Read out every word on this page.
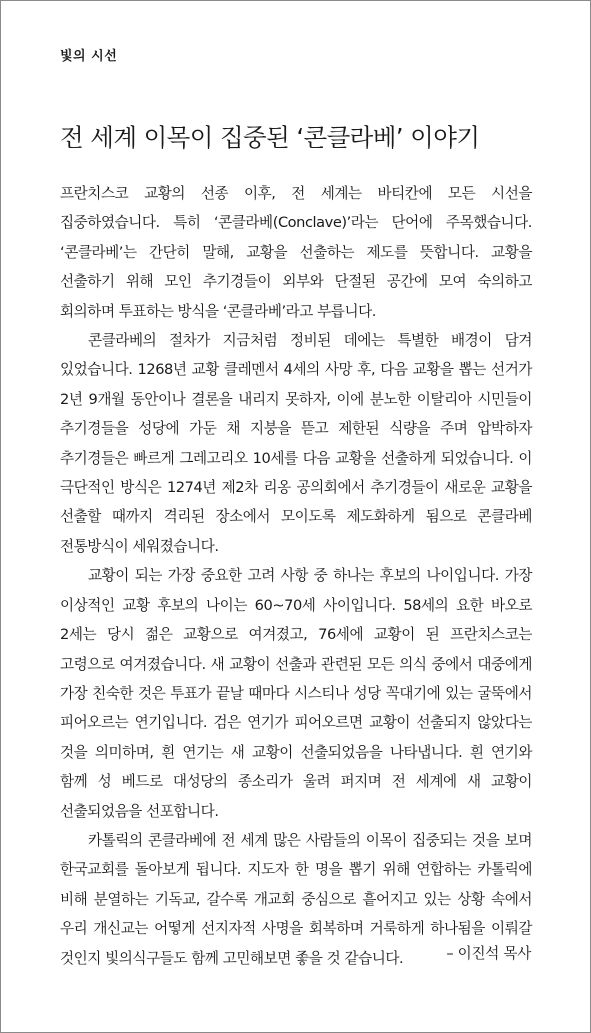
빛의 시선
전 세계 이목이 집중된 ‘콘클라베’ 이야기

프란치스코 교황의 선종 이후, 전 세계는 바티칸에 모든 시선을 집중하였습니다. 특히 ‘콘클라베(Conclave)’라는 단어에 주목했습니다. ‘콘클라베’는 간단히 말해, 교황을 선출하는 제도를 뜻합니다. 교황을 선출하기 위해 모인 추기경들이 외부와 단절된 공간에 모여 숙의하고 회의하며 투표하는 방식을 ‘콘클라베’라고 부릅니다.

콘클라베의 절차가 지금처럼 정비된 데에는 특별한 배경이 담겨 있었습니다. 1268년 교황 클레멘서 4세의 사망 후, 다음 교황을 뽑는 선거가 2년 9개월 동안이나 결론을 내리지 못하자, 이에 분노한 이탈리아 시민들이 추기경들을 성당에 가둔 채 지붕을 뜯고 제한된 식량을 주며 압박하자 추기경들은 빠르게 그레고리오 10세를 다음 교황을 선출하게 되었습니다. 이 극단적인 방식은 1274년 제2차 리옹 공의회에서 추기경들이 새로운 교황을 선출할 때까지 격리된 장소에서 모이도록 제도화하게 됨으로 콘클라베 전통방식이 세워졌습니다.

교황이 되는 가장 중요한 고려 사항 중 하나는 후보의 나이입니다. 가장 이상적인 교황 후보의 나이는 60~70세 사이입니다. 58세의 요한 바오로 2세는 당시 젊은 교황으로 여겨졌고, 76세에 교황이 된 프란치스코는 고령으로 여겨졌습니다. 새 교황이 선출과 관련된 모든 의식 중에서 대중에게 가장 친숙한 것은 투표가 끝날 때마다 시스티나 성당 꼭대기에 있는 굴뚝에서 피어오르는 연기입니다. 검은 연기가 피어오르면 교황이 선출되지 않았다는 것을 의미하며, 흰 연기는 새 교황이 선출되었음을 나타냅니다. 흰 연기와 함께 성 베드로 대성당의 종소리가 울려 퍼지며 전 세계에 새 교황이 선출되었음을 선포합니다.

카톨릭의 콘클라베에 전 세계 많은 사람들의 이목이 집중되는 것을 보며 한국교회를 돌아보게 됩니다. 지도자 한 명을 뽑기 위해 연합하는 카톨릭에 비해 분열하는 기독교, 갈수록 개교회 중심으로 흩어지고 있는 상황 속에서 우리 개신교는 어떻게 선지자적 사명을 회복하며 거룩하게 하나됨을 이뤄갈 것인지 빛의식구들도 함께 고민해보면 좋을 것 같습니다.	– 이진석 목사
